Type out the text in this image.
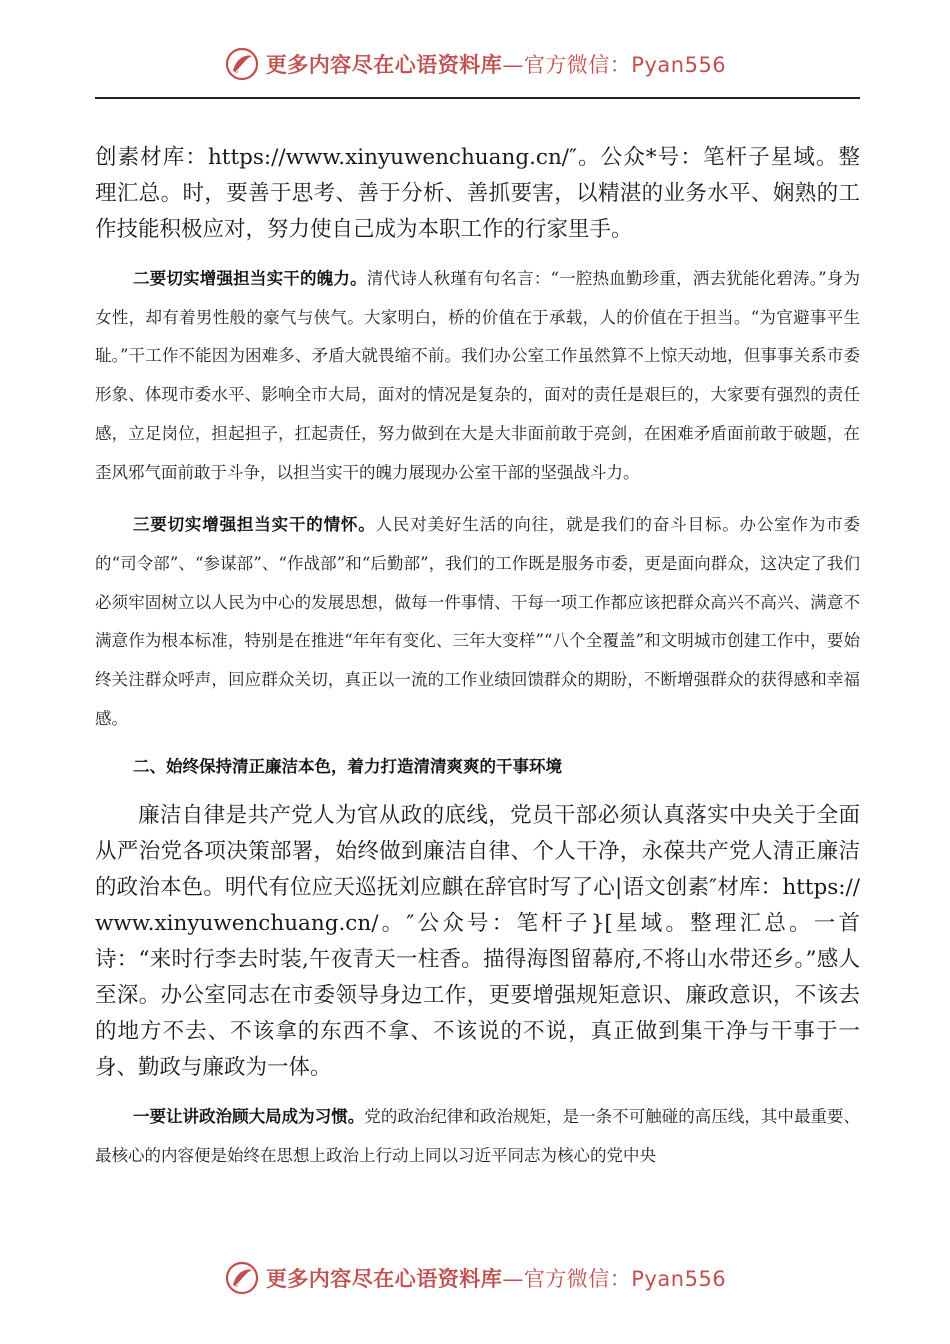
更多内容尽在心语资料库—官方微信：Pyan556

创素材库：https://www.xinyuwenchuang.cn/″。公众*号：笔杆子星域。整理汇总。时，要善于思考、善于分析、善抓要害，以精湛的业务水平、娴熟的工作技能积极应对，努力使自己成为本职工作的行家里手。

二要切实增强担当实干的魄力。清代诗人秋瑾有句名言：“一腔热血勤珍重，洒去犹能化碧涛。”身为女性，却有着男性般的豪气与侠气。大家明白，桥的价值在于承载，人的价值在于担当。“为官避事平生耻。”干工作不能因为困难多、矛盾大就畏缩不前。我们办公室工作虽然算不上惊天动地，但事事关系市委形象、体现市委水平、影响全市大局，面对的情况是复杂的，面对的责任是艰巨的，大家要有强烈的责任感，立足岗位，担起担子，扛起责任，努力做到在大是大非面前敢于亮剑，在困难矛盾面前敢于破题，在歪风邪气面前敢于斗争，以担当实干的魄力展现办公室干部的坚强战斗力。

三要切实增强担当实干的情怀。人民对美好生活的向往，就是我们的奋斗目标。办公室作为市委的“司令部”、“参谋部”、“作战部”和“后勤部”，我们的工作既是服务市委，更是面向群众，这决定了我们必须牢固树立以人民为中心的发展思想，做每一件事情、干每一项工作都应该把群众高兴不高兴、满意不满意作为根本标准，特别是在推进“年年有变化、三年大变样”“八个全覆盖”和文明城市创建工作中，要始终关注群众呼声，回应群众关切，真正以一流的工作业绩回馈群众的期盼，不断增强群众的获得感和幸福感。

二、始终保持清正廉洁本色，着力打造清清爽爽的干事环境

廉洁自律是共产党人为官从政的底线，党员干部必须认真落实中央关于全面从严治党各项决策部署，始终做到廉洁自律、个人干净，永葆共产党人清正廉洁的政治本色。明代有位应天巡抚刘应麒在辞官时写了心|语文创素″材库：https://www.xinyuwenchuang.cn/。″公众号：笔杆子}[星域。整理汇总。一首诗：“来时行李去时装,午夜青天一柱香。描得海图留幕府,不将山水带还乡。”感人至深。办公室同志在市委领导身边工作，更要增强规矩意识、廉政意识，不该去的地方不去、不该拿的东西不拿、不该说的不说，真正做到集干净与干事于一身、勤政与廉政为一体。

一要让讲政治顾大局成为习惯。党的政治纪律和政治规矩，是一条不可触碰的高压线，其中最重要、最核心的内容便是始终在思想上政治上行动上同以习近平同志为核心的党中央

更多内容尽在心语资料库—官方微信：Pyan556
